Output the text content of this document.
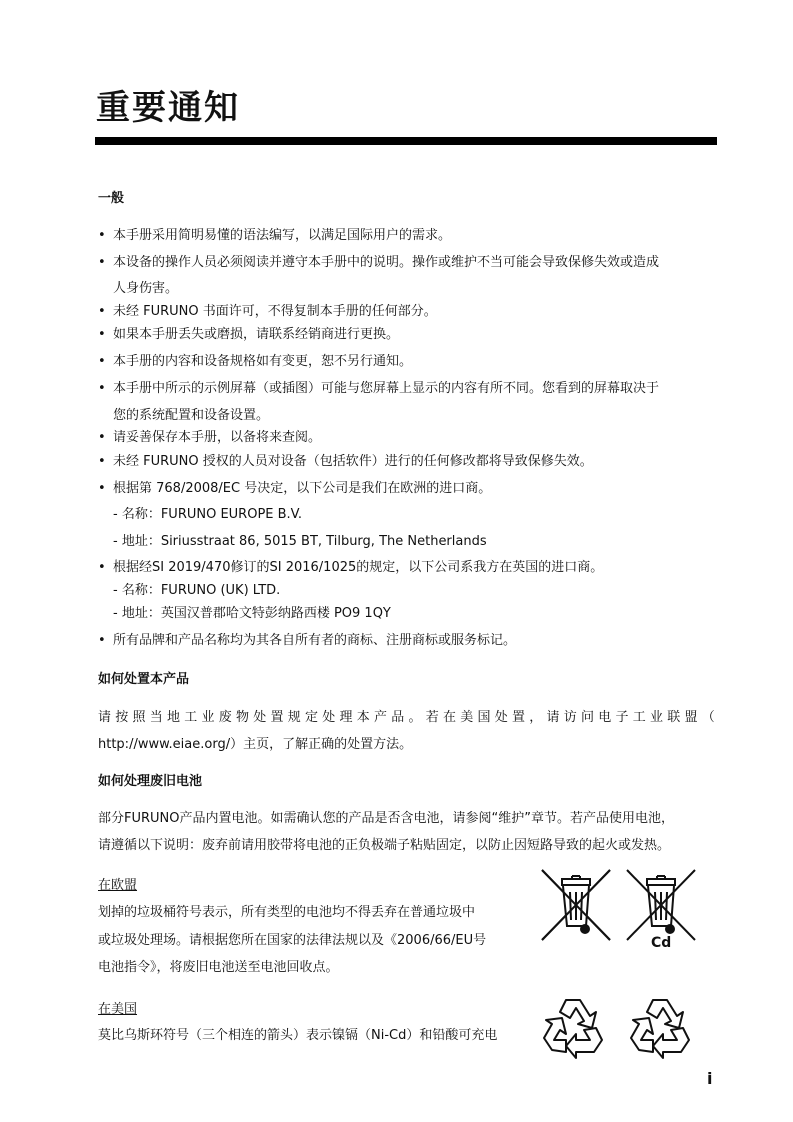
重要通知
一般
• 本手册采用简明易懂的语法编写，以满足国际用户的需求。
• 本设备的操作人员必须阅读并遵守本手册中的说明。操作或维护不当可能会导致保修失效或造成
人身伤害。
• 未经 FURUNO 书面许可，不得复制本手册的任何部分。
• 如果本手册丢失或磨损，请联系经销商进行更换。
• 本手册的内容和设备规格如有变更，恕不另行通知。
• 本手册中所示的示例屏幕（或插图）可能与您屏幕上显示的内容有所不同。您看到的屏幕取决于
您的系统配置和设备设置。
• 请妥善保存本手册，以备将来查阅。
• 未经 FURUNO 授权的人员对设备（包括软件）进行的任何修改都将导致保修失效。
• 根据第 768/2008/EC 号决定，以下公司是我们在欧洲的进口商。
- 名称：FURUNO EUROPE B.V.
- 地址：Siriusstraat 86, 5015 BT, Tilburg, The Netherlands
• 根据经SI 2019/470修订的SI 2016/1025的规定，以下公司系我方在英国的进口商。
- 名称：FURUNO (UK) LTD.
- 地址：英国汉普郡哈文特彭纳路西楼 PO9 1QY
• 所有品牌和产品名称均为其各自所有者的商标、注册商标或服务标记。
如何处置本产品
请 按 照 当 地 工 业 废 物 处 置 规 定 处 理 本 产 品 。 若 在 美 国 处 置 ， 请 访 问 电 子 工 业 联 盟 （
http://www.eiae.org/）主页，了解正确的处置方法。
如何处理废旧电池
部分FURUNO产品内置电池。如需确认您的产品是否含电池，请参阅“维护”章节。若产品使用电池，
请遵循以下说明：废弃前请用胶带将电池的正负极端子粘贴固定，以防止因短路导致的起火或发热。
在欧盟
划掉的垃圾桶符号表示，所有类型的电池均不得丢弃在普通垃圾中
或垃圾处理场。请根据您所在国家的法律法规以及《2006/66/EU号
电池指令》，将废旧电池送至电池回收点。
Cd
在美国
莫比乌斯环符号（三个相连的箭头）表示镍镉（Ni-Cd）和铅酸可充电
i
